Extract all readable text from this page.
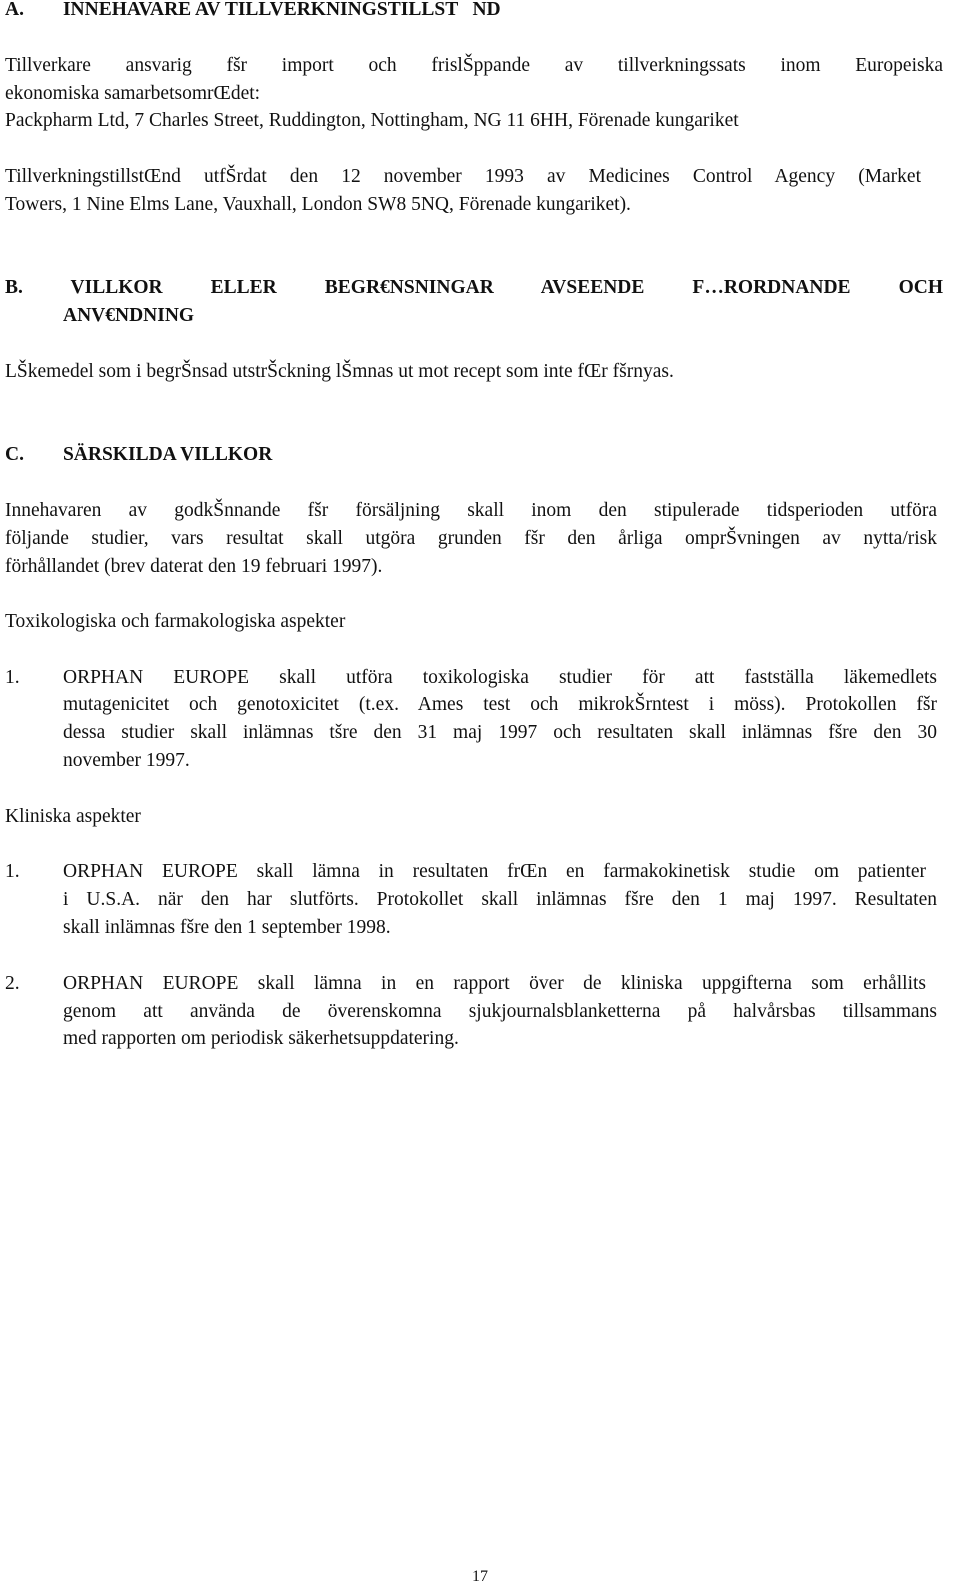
A.        INNEHAVARE AV TILLVERKNINGSTILLST   ND
Tillverkare ansvarig fšr import och frislŠppande av tillverkningssats inom Europeiska
ekonomiska samarbetsomrŒdet:
Packpharm Ltd, 7 Charles Street, Ruddington, Nottingham, NG 11 6HH, Förenade kungariket
TillverkningstillstŒnd utfŠrdat den 12 november 1993 av Medicines Control Agency (Market
Towers, 1 Nine Elms Lane, Vauxhall, London SW8 5NQ, Förenade kungariket).
B. VILLKOR ELLER BEGR€NSNINGAR AVSEENDE F…RORDNANDE OCH
ANV€NDNING
LŠkemedel som i begrŠnsad utstrŠckning lŠmnas ut mot recept som inte fŒr fšrnyas.
C.        SÄRSKILDA VILLKOR
Innehavaren av godkŠnnande fšr försäljning skall inom den stipulerade tidsperioden utföra
följande studier, vars resultat skall utgöra grunden fšr den årliga omprŠvningen av nytta/risk
förhållandet (brev daterat den 19 februari 1997).
Toxikologiska och farmakologiska aspekter
1. ORPHAN EUROPE skall utföra toxikologiska studier för att fastställa läkemedlets
mutagenicitet och genotoxicitet (t.ex. Ames test och mikrokŠrntest i möss). Protokollen fšr
dessa studier skall inlämnas tšre den 31 maj 1997 och resultaten skall inlämnas fšre den 30
november 1997.
Kliniska aspekter
1. ORPHAN EUROPE skall lämna in resultaten frŒn en farmakokinetisk studie om patienter
i U.S.A. när den har slutförts. Protokollet skall inlämnas fšre den 1 maj 1997. Resultaten
skall inlämnas fšre den 1 september 1998.
2. ORPHAN EUROPE skall lämna in en rapport över de kliniska uppgifterna som erhållits
genom att använda de överenskomna sjukjournalsblanketterna på halvårsbas tillsammans
med rapporten om periodisk säkerhetsuppdatering.
17
